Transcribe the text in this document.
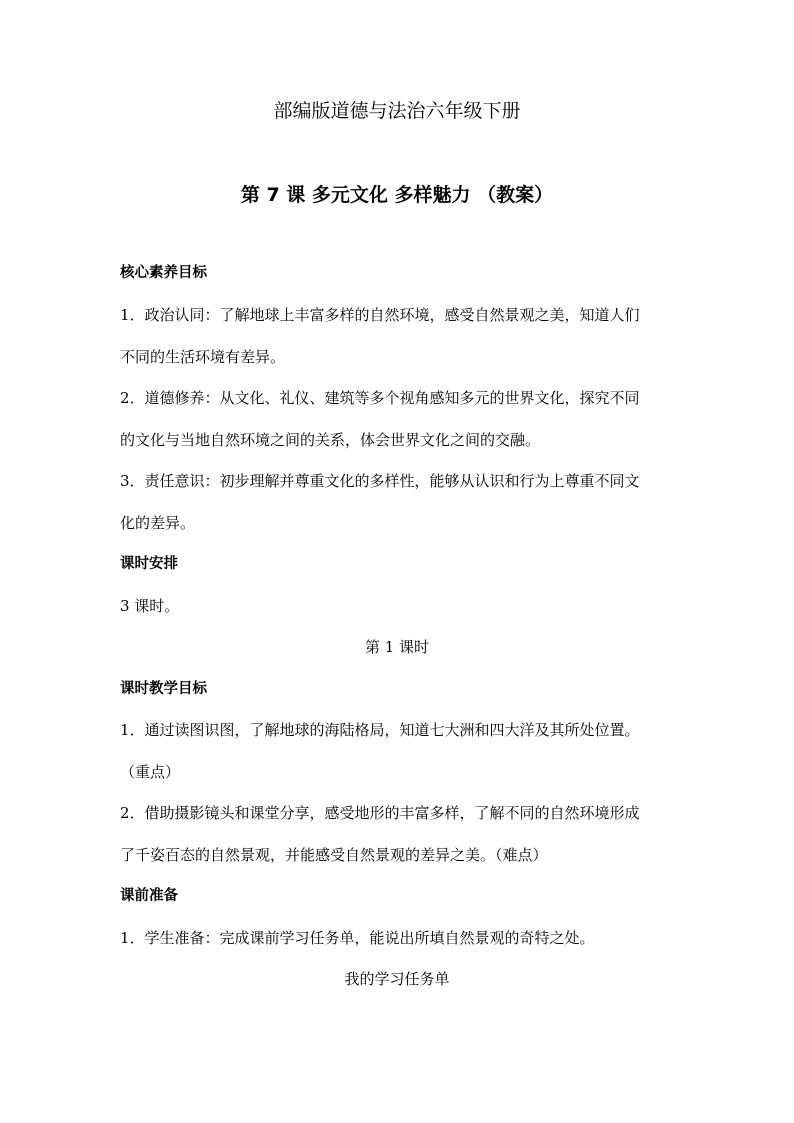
部编版道德与法治六年级下册
第 7 课 多元文化 多样魅力 （教案）
核心素养目标
1．政治认同：了解地球上丰富多样的自然环境，感受自然景观之美，知道人们
不同的生活环境有差异。
2．道德修养：从文化、礼仪、建筑等多个视角感知多元的世界文化，探究不同
的文化与当地自然环境之间的关系，体会世界文化之间的交融。
3．责任意识：初步理解并尊重文化的多样性，能够从认识和行为上尊重不同文
化的差异。
课时安排
3 课时。
第 1 课时
课时教学目标
1．通过读图识图，了解地球的海陆格局，知道七大洲和四大洋及其所处位置。
（重点）
2．借助摄影镜头和课堂分享，感受地形的丰富多样，了解不同的自然环境形成
了千姿百态的自然景观，并能感受自然景观的差异之美。（难点）
课前准备
1．学生准备：完成课前学习任务单，能说出所填自然景观的奇特之处。
我的学习任务单
